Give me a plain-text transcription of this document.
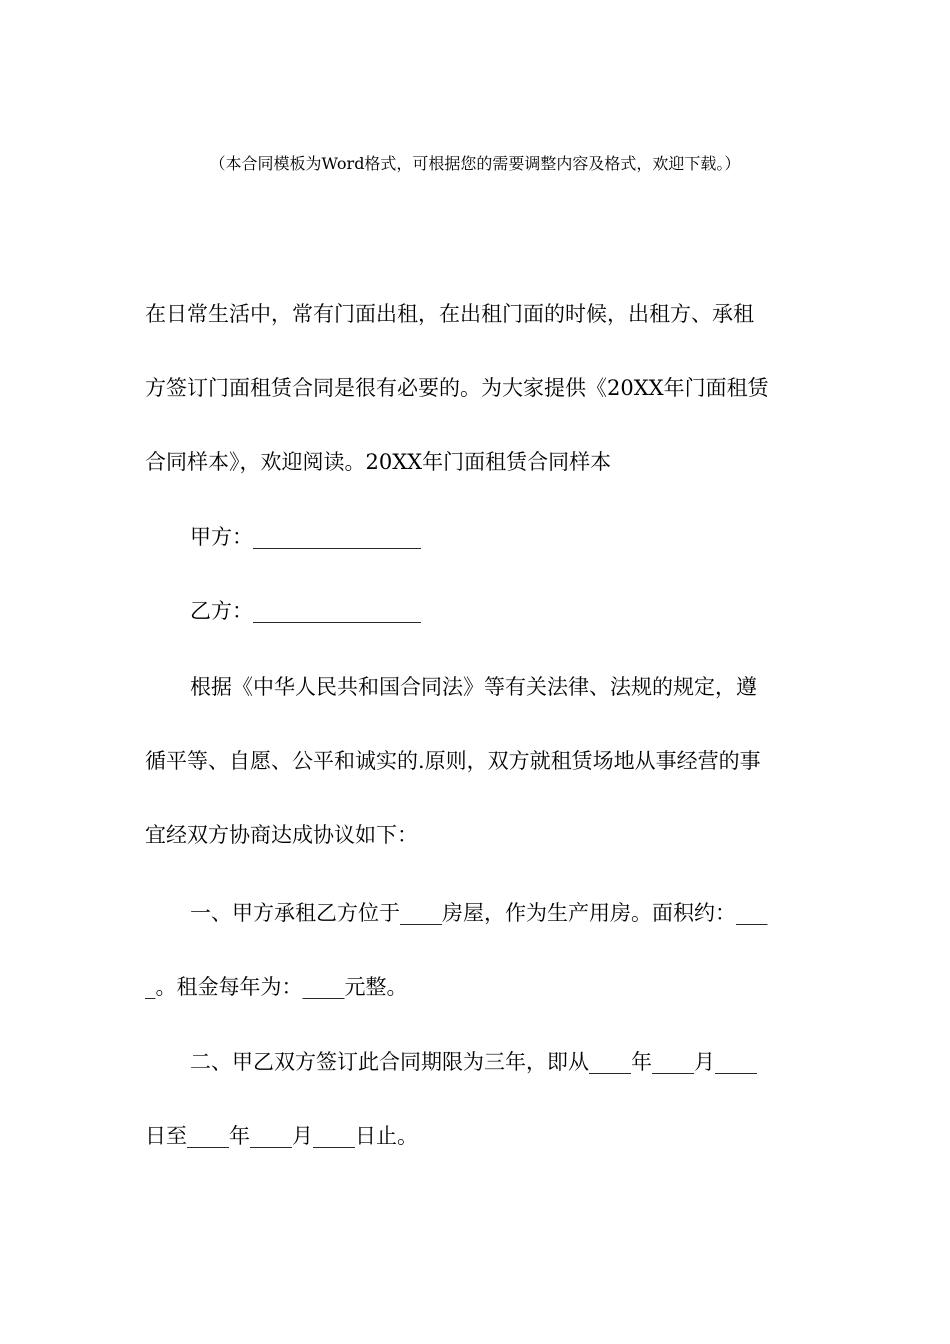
（本合同模板为Word格式，可根据您的需要调整内容及格式，欢迎下载。）
在日常生活中，常有门面出租，在出租门面的时候，出租方、承租
方签订门面租赁合同是很有必要的。为大家提供《20XX年门面租赁
合同样本》，欢迎阅读。20XX年门面租赁合同样本
甲方：________________
乙方：________________
根据《中华人民共和国合同法》等有关法律、法规的规定，遵
循平等、自愿、公平和诚实的.原则，双方就租赁场地从事经营的事
宜经双方协商达成协议如下：
一、甲方承租乙方位于____房屋，作为生产用房。面积约：___
_。租金每年为：____元整。
二、甲乙双方签订此合同期限为三年，即从____年____月____
日至____年____月____日止。
